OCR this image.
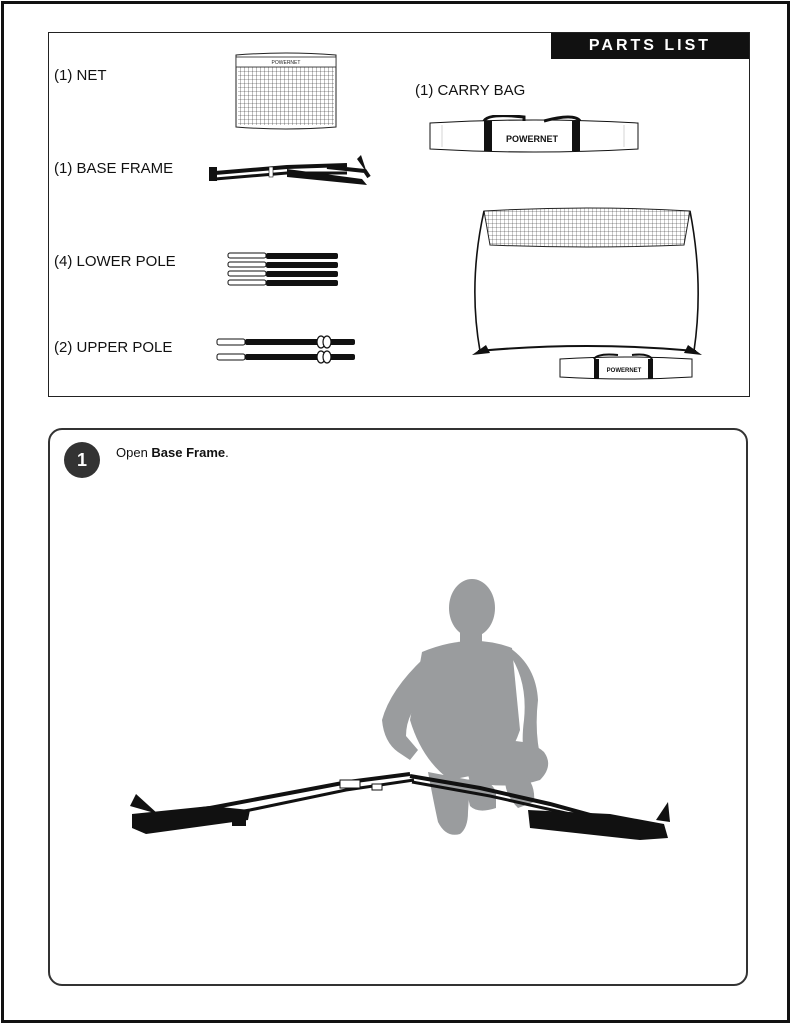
PARTS LIST
(1) NET
(1) BASE FRAME
(4) LOWER POLE
(2) UPPER POLE
(1) CARRY BAG
POWERNET
POWERNET
POWERNET
1	Open Base Frame.
